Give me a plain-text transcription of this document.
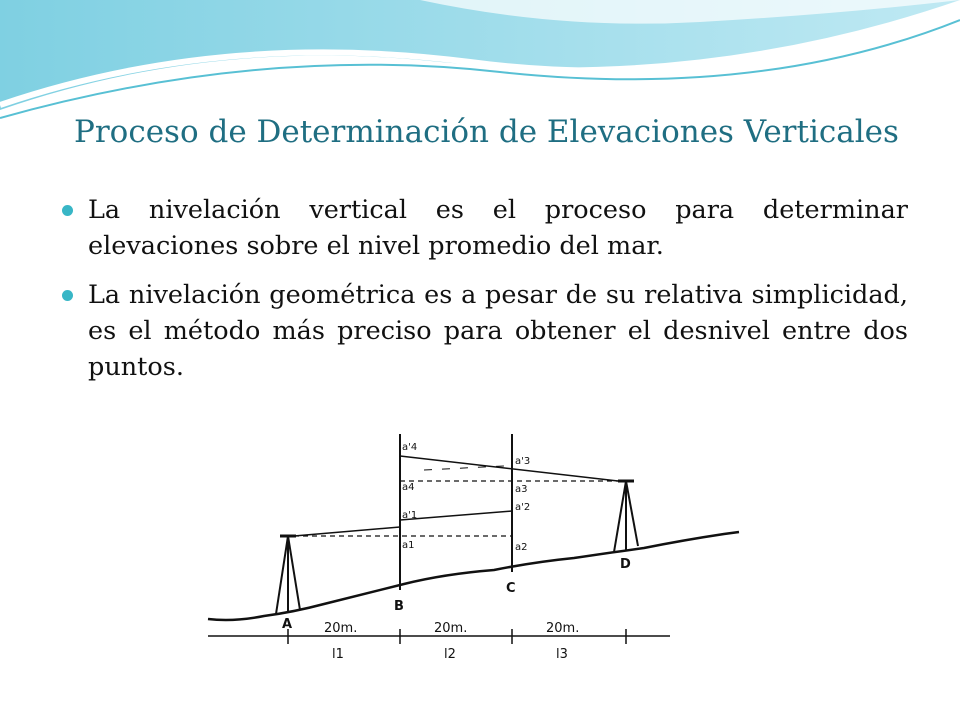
Proceso de Determinación de Elevaciones Verticales
La nivelación vertical es el proceso para determinar elevaciones sobre el nivel promedio del mar.
La nivelación geométrica es a pesar de su relativa simplicidad, es el método más preciso para obtener el desnivel entre dos puntos.
a'4
a4
a'1
a1
a'3
a3
a'2
a2
A
B
C
D
20m.	20m.	20m.
l1	l2	l3
